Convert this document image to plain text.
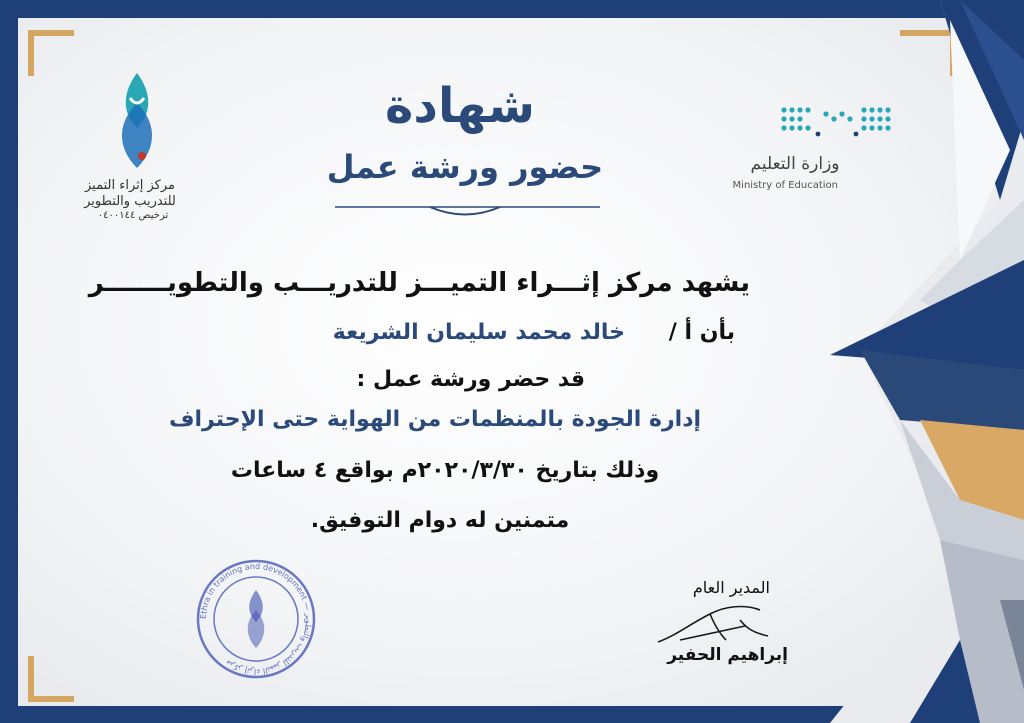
مركز إثراء التميز
للتدريب والتطوير
ترخيص ٠٤٠٠١٤٤
شهادة
حضور ورشة عمل	وزارة التعليم
Ministry of Education
يشهد مركز إثـــراء التميـــز للتدريـــب والتطويـــــــر
بأن أ /
خالد محمد سليمان الشريعة
قد حضر ورشة عمل :
إدارة الجودة بالمنظمات من الهواية حتى الإحتراف
وذلك بتاريخ ٢٠٢٠/٣/٣٠م بواقع ٤ ساعات
متمنين له دوام التوفيق.
Ethra in training and development — مركز إثراء التميز للتدريب والتطوير
المدير العام
إبراهيم الحفير
